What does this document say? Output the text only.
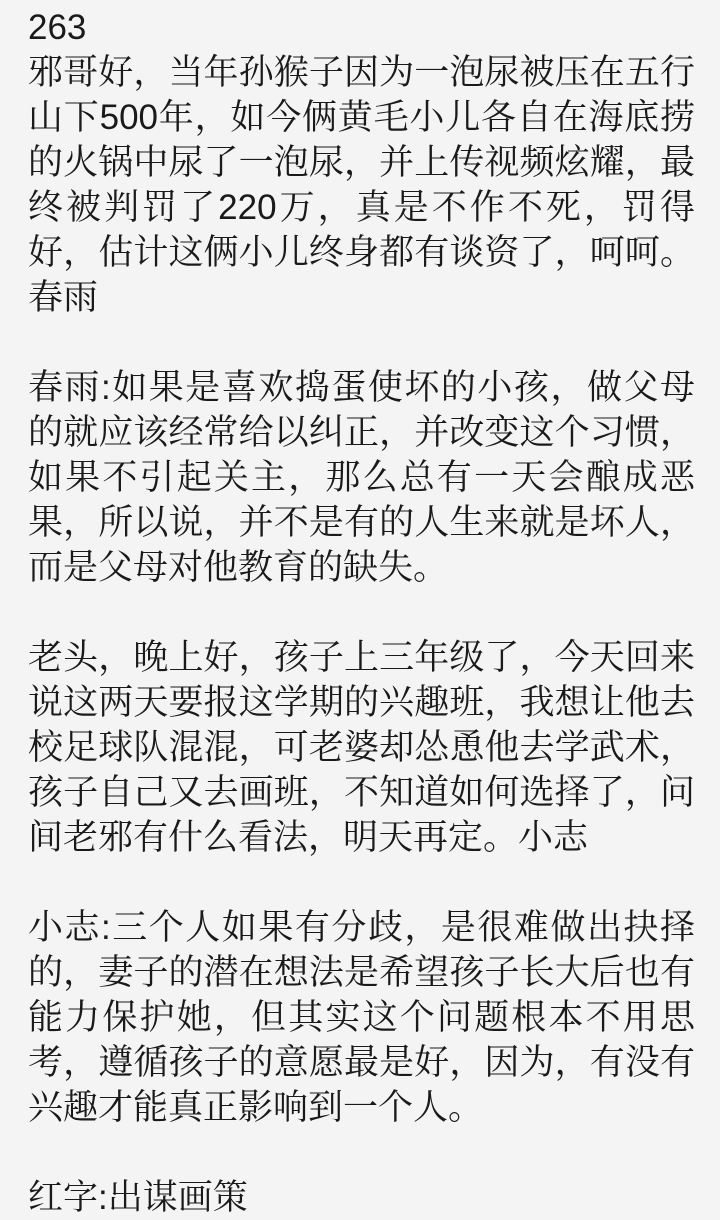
263

邪哥好，当年孙猴子因为一泡尿被压在五行山下500年，如今俩黄毛小儿各自在海底捞的火锅中尿了一泡尿，并上传视频炫耀，最终被判罚了220万，真是不作不死，罚得好，估计这俩小儿终身都有谈资了，呵呵。春雨

春雨:如果是喜欢捣蛋使坏的小孩，做父母的就应该经常给以纠正，并改变这个习惯，如果不引起关主，那么总有一天会酿成恶果，所以说，并不是有的人生来就是坏人，而是父母对他教育的缺失。

老头，晚上好，孩子上三年级了，今天回来说这两天要报这学期的兴趣班，我想让他去校足球队混混，可老婆却怂恿他去学武术，孩子自己又去画班，不知道如何选择了，问间老邪有什么看法，明天再定。小志

小志:三个人如果有分歧，是很难做出抉择的，妻子的潜在想法是希望孩子长大后也有能力保护她，但其实这个问题根本不用思考，遵循孩子的意愿最是好，因为，有没有兴趣才能真正影响到一个人。

红字:出谋画策
